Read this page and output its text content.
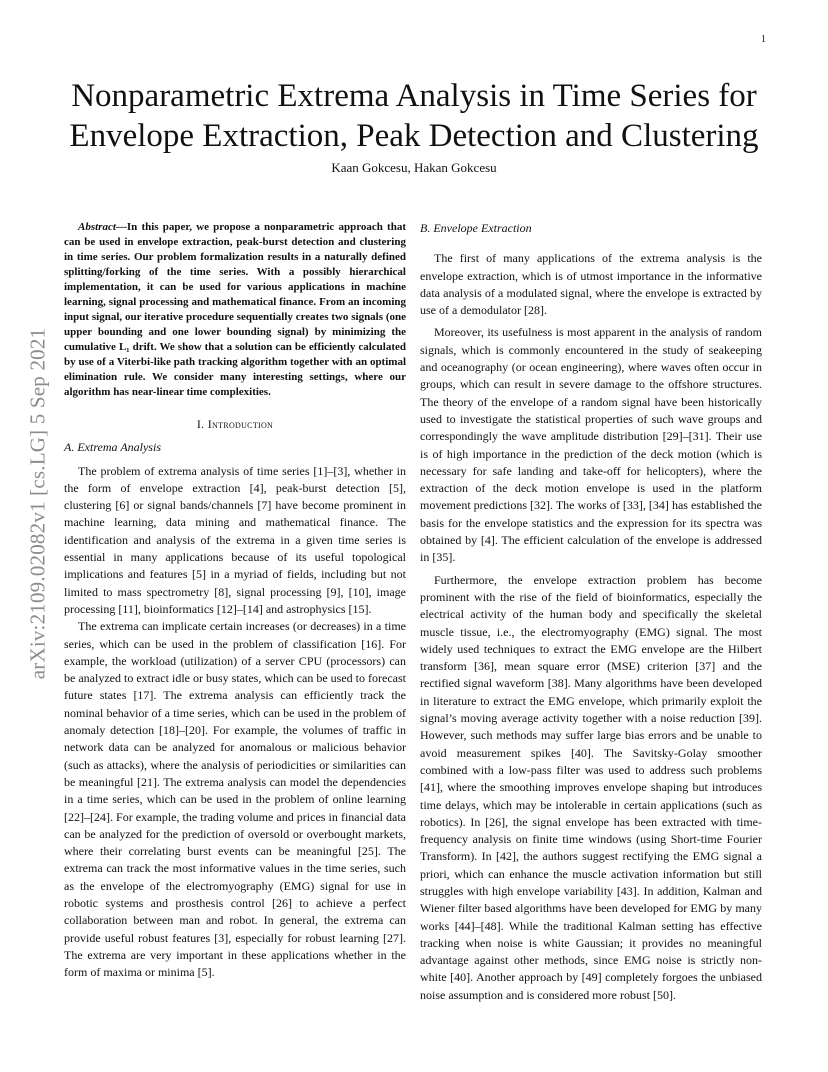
1
arXiv:2109.02082v1 [cs.LG] 5 Sep 2021
Nonparametric Extrema Analysis in Time Series for
Envelope Extraction, Peak Detection and Clustering
Kaan Gokcesu, Hakan Gokcesu

Abstract—In this paper, we propose a nonparametric approach that can be used in envelope extraction, peak-burst detection and clustering in time series. Our problem formalization results in a naturally defined splitting/forking of the time series. With a possibly hierarchical implementation, it can be used for various applications in machine learning, signal processing and mathematical finance. From an incoming input signal, our iterative procedure sequentially creates two signals (one upper bounding and one lower bounding signal) by minimizing the cumulative L₁ drift. We show that a solution can be efficiently calculated by use of a Viterbi-like path tracking algorithm together with an optimal elimination rule. We consider many interesting settings, where our algorithm has near-linear time complexities.

I. Introduction
A. Extrema Analysis

The problem of extrema analysis of time series [1]–[3], whether in the form of envelope extraction [4], peak-burst detection [5], clustering [6] or signal bands/channels [7] have become prominent in machine learning, data mining and mathematical finance. The identification and analysis of the extrema in a given time series is essential in many applications because of its useful topological implications and features [5] in a myriad of fields, including but not limited to mass spectrometry [8], signal processing [9], [10], image processing [11], bioinformatics [12]–[14] and astrophysics [15].

The extrema can implicate certain increases (or decreases) in a time series, which can be used in the problem of classification [16]. For example, the workload (utilization) of a server CPU (processors) can be analyzed to extract idle or busy states, which can be used to forecast future states [17]. The extrema analysis can efficiently track the nominal behavior of a time series, which can be used in the problem of anomaly detection [18]–[20]. For example, the volumes of traffic in network data can be analyzed for anomalous or malicious behavior (such as attacks), where the analysis of periodicities or similarities can be meaningful [21]. The extrema analysis can model the dependencies in a time series, which can be used in the problem of online learning [22]–[24]. For example, the trading volume and prices in financial data can be analyzed for the prediction of oversold or overbought markets, where their correlating burst events can be meaningful [25]. The extrema can track the most informative values in the time series, such as the envelope of the electromyography (EMG) signal for use in robotic systems and prosthesis control [26] to achieve a perfect collaboration between man and robot. In general, the extrema can provide useful robust features [3], especially for robust learning [27]. The extrema are very important in these applications whether in the form of maxima or minima [5].

B. Envelope Extraction

The first of many applications of the extrema analysis is the envelope extraction, which is of utmost importance in the informative data analysis of a modulated signal, where the envelope is extracted by use of a demodulator [28].

Moreover, its usefulness is most apparent in the analysis of random signals, which is commonly encountered in the study of seakeeping and oceanography (or ocean engineering), where waves often occur in groups, which can result in severe damage to the offshore structures. The theory of the envelope of a random signal have been historically used to investigate the statistical properties of such wave groups and correspondingly the wave amplitude distribution [29]–[31]. Their use is of high importance in the prediction of the deck motion (which is necessary for safe landing and take-off for helicopters), where the extraction of the deck motion envelope is used in the platform movement predictions [32]. The works of [33], [34] has established the basis for the envelope statistics and the expression for its spectra was obtained by [4]. The efficient calculation of the envelope is addressed in [35].

Furthermore, the envelope extraction problem has become prominent with the rise of the field of bioinformatics, especially the electrical activity of the human body and specifically the skeletal muscle tissue, i.e., the electromyography (EMG) signal. The most widely used techniques to extract the EMG envelope are the Hilbert transform [36], mean square error (MSE) criterion [37] and the rectified signal waveform [38]. Many algorithms have been developed in literature to extract the EMG envelope, which primarily exploit the signal’s moving average activity together with a noise reduction [39]. However, such methods may suffer large bias errors and be unable to avoid measurement spikes [40]. The Savitsky-Golay smoother combined with a low-pass filter was used to address such problems [41], where the smoothing improves envelope shaping but introduces time delays, which may be intolerable in certain applications (such as robotics). In [26], the signal envelope has been extracted with time-frequency analysis on finite time windows (using Short-time Fourier Transform). In [42], the authors suggest rectifying the EMG signal a priori, which can enhance the muscle activation information but still struggles with high envelope variability [43]. In addition, Kalman and Wiener filter based algorithms have been developed for EMG by many works [44]–[48]. While the traditional Kalman setting has effective tracking when noise is white Gaussian; it provides no meaningful advantage against other methods, since EMG noise is strictly non-white [40]. Another approach by [49] completely forgoes the unbiased noise assumption and is considered more robust [50].
